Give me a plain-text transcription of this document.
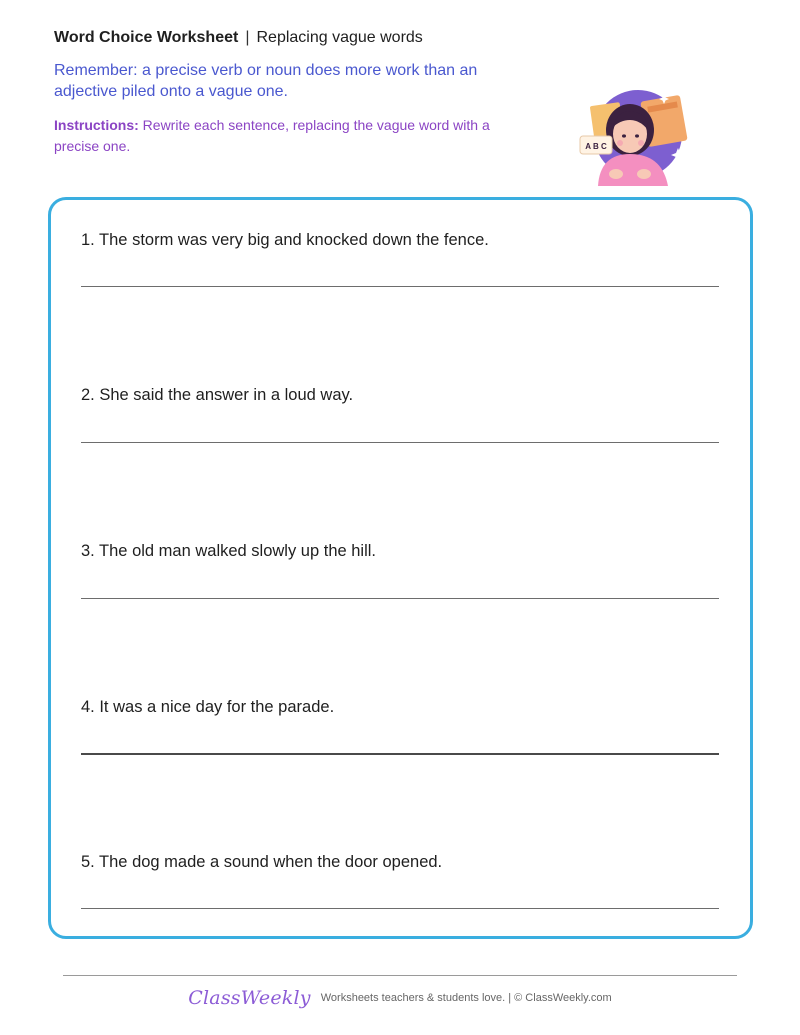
Word Choice Worksheet | Replacing vague words
Remember: a precise verb or noun does more work than an adjective piled onto a vague one.
Instructions: Rewrite each sentence, replacing the vague word with a precise one.	A B C
1. The storm was very big and knocked down the fence.
2. She said the answer in a loud way.
3. The old man walked slowly up the hill.
4. It was a nice day for the parade.
5. The dog made a sound when the door opened.
ClassWeekly Worksheets teachers & students love. | © ClassWeekly.com
